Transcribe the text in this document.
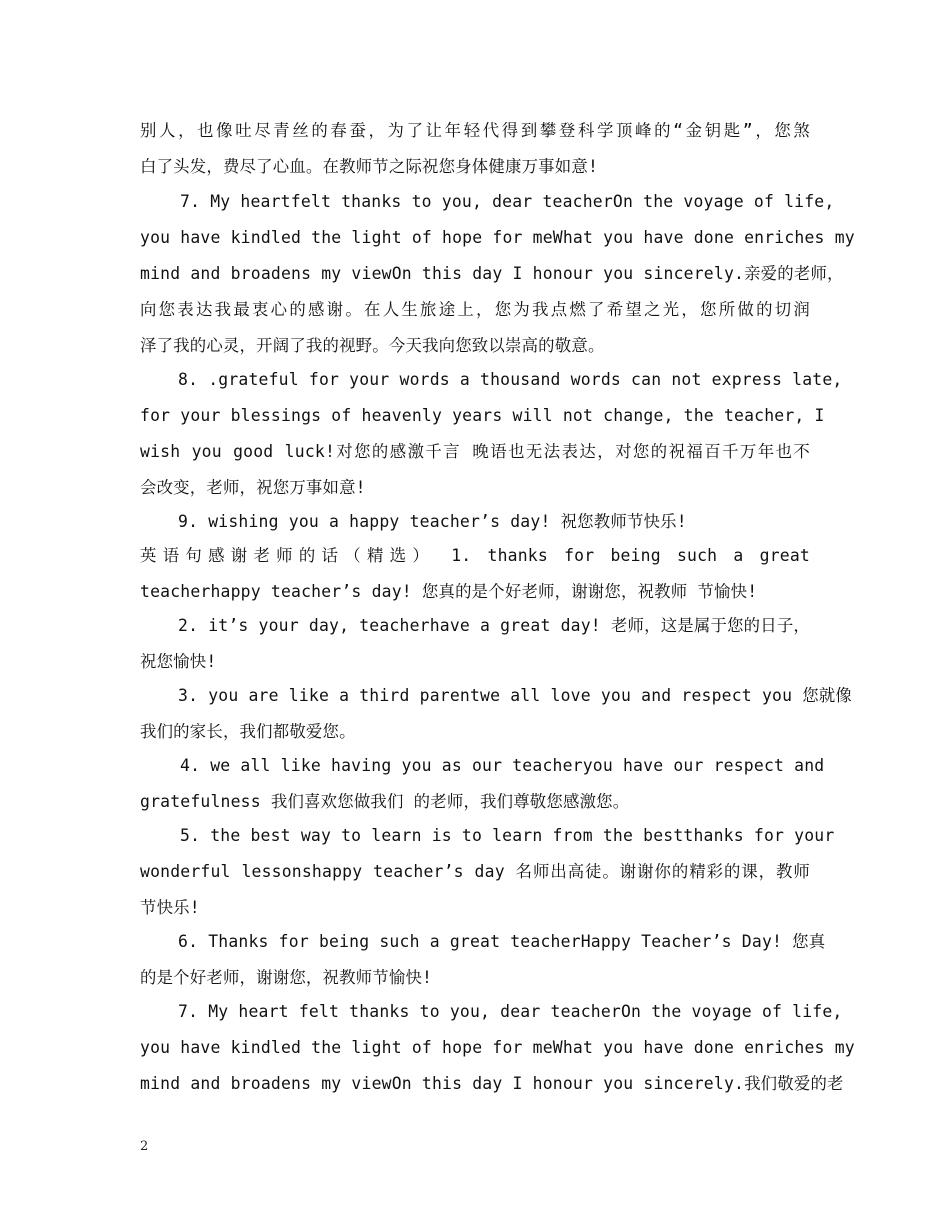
别人，也像吐尽青丝的春蚕，为了让年轻代得到攀登科学顶峰的“金钥匙”，您煞
白了头发，费尽了心血。在教师节之际祝您身体健康万事如意!
7. My heartfelt thanks to you, dear teacherOn the voyage of life,
you have kindled the light of hope for meWhat you have done enriches my
mind and broadens my viewOn this day I honour you sincerely.亲爱的老师，
向您表达我最衷心的感谢。在人生旅途上，您为我点燃了希望之光，您所做的切润
泽了我的心灵，开阔了我的视野。今天我向您致以崇高的敬意。
8. .grateful for your words a thousand words can not express late,
for your blessings of heavenly years will not change, the teacher, I
wish you good luck!对您的感激千言 晚语也无法表达，对您的祝福百千万年也不
会改变，老师，祝您万事如意!
9. wishing you a happy teacher’s day! 祝您教师节快乐!
英语句感谢老师的话（精选） 1. thanks for being such a great
teacherhappy teacher’s day! 您真的是个好老师，谢谢您，祝教师 节愉快!
2. it’s your day, teacherhave a great day! 老师，这是属于您的日子，
祝您愉快!
3. you are like a third parentwe all love you and respect you 您就像
我们的家长，我们都敬爱您。
4. we all like having you as our teacheryou have our respect and
gratefulness 我们喜欢您做我们 的老师，我们尊敬您感激您。
5. the best way to learn is to learn from the bestthanks for your
wonderful lessonshappy teacher’s day 名师出高徒。谢谢你的精彩的课，教师
节快乐!
6. Thanks for being such a great teacherHappy Teacher’s Day! 您真
的是个好老师，谢谢您，祝教师节愉快!
7. My heart felt thanks to you, dear teacherOn the voyage of life,
you have kindled the light of hope for meWhat you have done enriches my
mind and broadens my viewOn this day I honour you sincerely.我们敬爱的老
2
